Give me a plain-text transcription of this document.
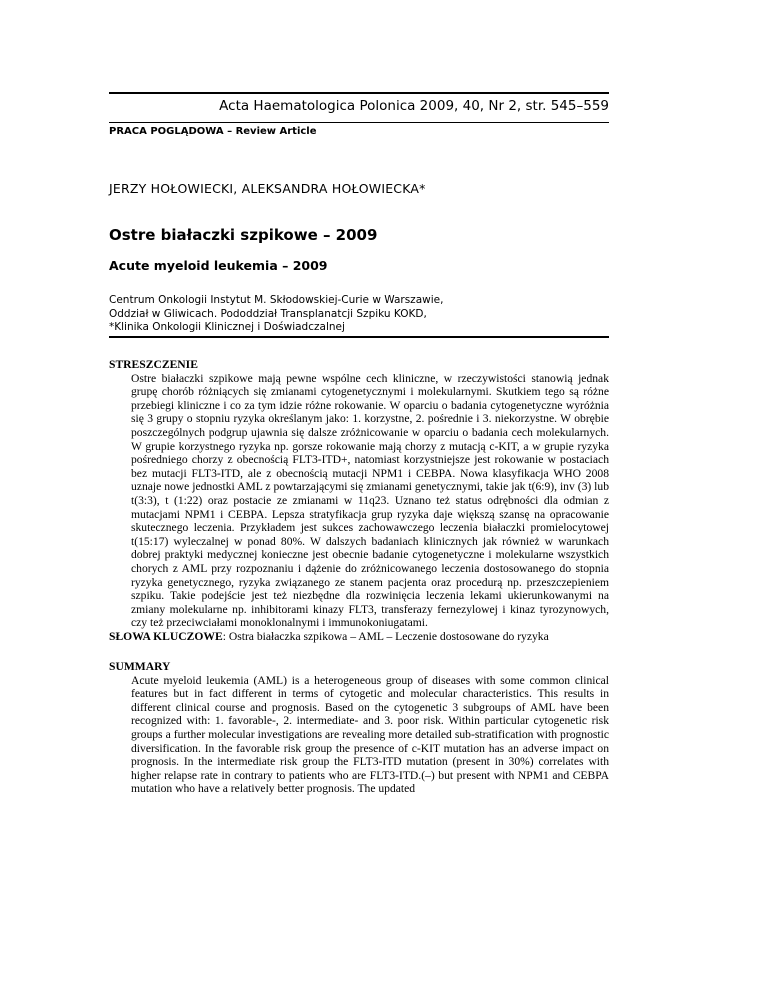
Acta Haematologica Polonica 2009, 40, Nr 2, str. 545–559
PRACA POGLĄDOWA – Review Article
JERZY HOŁOWIECKI, ALEKSANDRA HOŁOWIECKA*
Ostre białaczki szpikowe – 2009
Acute myeloid leukemia – 2009
Centrum Onkologii Instytut M. Skłodowskiej-Curie w Warszawie,
Oddział w Gliwicach. Pododdział Transplanatcji Szpiku KOKD,
*Klinika Onkologii Klinicznej i Doświadczalnej
STRESZCZENIE

Ostre białaczki szpikowe mają pewne wspólne cech kliniczne, w rzeczywistości stanowią jednak grupę chorób różniących się zmianami cytogenetycznymi i molekularnymi. Skutkiem tego są różne przebiegi kliniczne i co za tym idzie różne rokowanie. W oparciu o badania cytogenetyczne wyróżnia się 3 grupy o stopniu ryzyka określanym jako: 1. korzystne, 2. pośrednie i 3. niekorzystne. W obrębie poszczególnych podgrup ujawnia się dalsze zróżnicowanie w oparciu o badania cech molekularnych. W grupie korzystnego ryzyka np. gorsze rokowanie mają chorzy z mutacją c-KIT, a w grupie ryzyka pośredniego chorzy z obecnością FLT3-ITD+, natomiast korzystniejsze jest rokowanie w postaciach bez mutacji FLT3-ITD, ale z obecnością mutacji NPM1 i CEBPA. Nowa klasyfikacja WHO 2008 uznaje nowe jednostki AML z powtarzającymi się zmianami genetycznymi, takie jak t(6:9), inv (3) lub t(3:3), t (1:22) oraz postacie ze zmianami w 11q23. Uznano też status odrębności dla odmian z mutacjami NPM1 i CEBPA. Lepsza stratyfikacja grup ryzyka daje większą szansę na opracowanie skutecznego leczenia. Przykładem jest sukces zachowawczego leczenia białaczki promielocytowej t(15:17) wyleczalnej w ponad 80%. W dalszych badaniach klinicznych jak również w warunkach dobrej praktyki medycznej konieczne jest obecnie badanie cytogenetyczne i molekularne wszystkich chorych z AML przy rozpoznaniu i dążenie do zróżnicowanego leczenia dostosowanego do stopnia ryzyka genetycznego, ryzyka związanego ze stanem pacjenta oraz procedurą np. przeszczepieniem szpiku. Takie podejście jest też niezbędne dla rozwinięcia leczenia lekami ukierunkowanymi na zmiany molekularne np. inhibitorami kinazy FLT3, transferazy fernezylowej i kinaz tyrozynowych, czy też przeciwciałami monoklonalnymi i immunokoniugatami.

SŁOWA KLUCZOWE: Ostra białaczka szpikowa – AML – Leczenie dostosowane do ryzyka
SUMMARY

Acute myeloid leukemia (AML) is a heterogeneous group of diseases with some common clinical features but in fact different in terms of cytogetic and molecular characteristics. This results in different clinical course and prognosis. Based on the cytogenetic 3 subgroups of AML have been recognized with: 1. favorable-, 2. intermediate- and 3. poor risk. Within particular cytogenetic risk groups a further molecular investigations are revealing more detailed sub-stratification with prognostic diversification. In the favorable risk group the presence of c-KIT mutation has an adverse impact on prognosis. In the intermediate risk group the FLT3-ITD mutation (present in 30%) correlates with higher relapse rate in contrary to patients who are FLT3-ITD.(–) but present with NPM1 and CEBPA mutation who have a relatively better prognosis. The updated
